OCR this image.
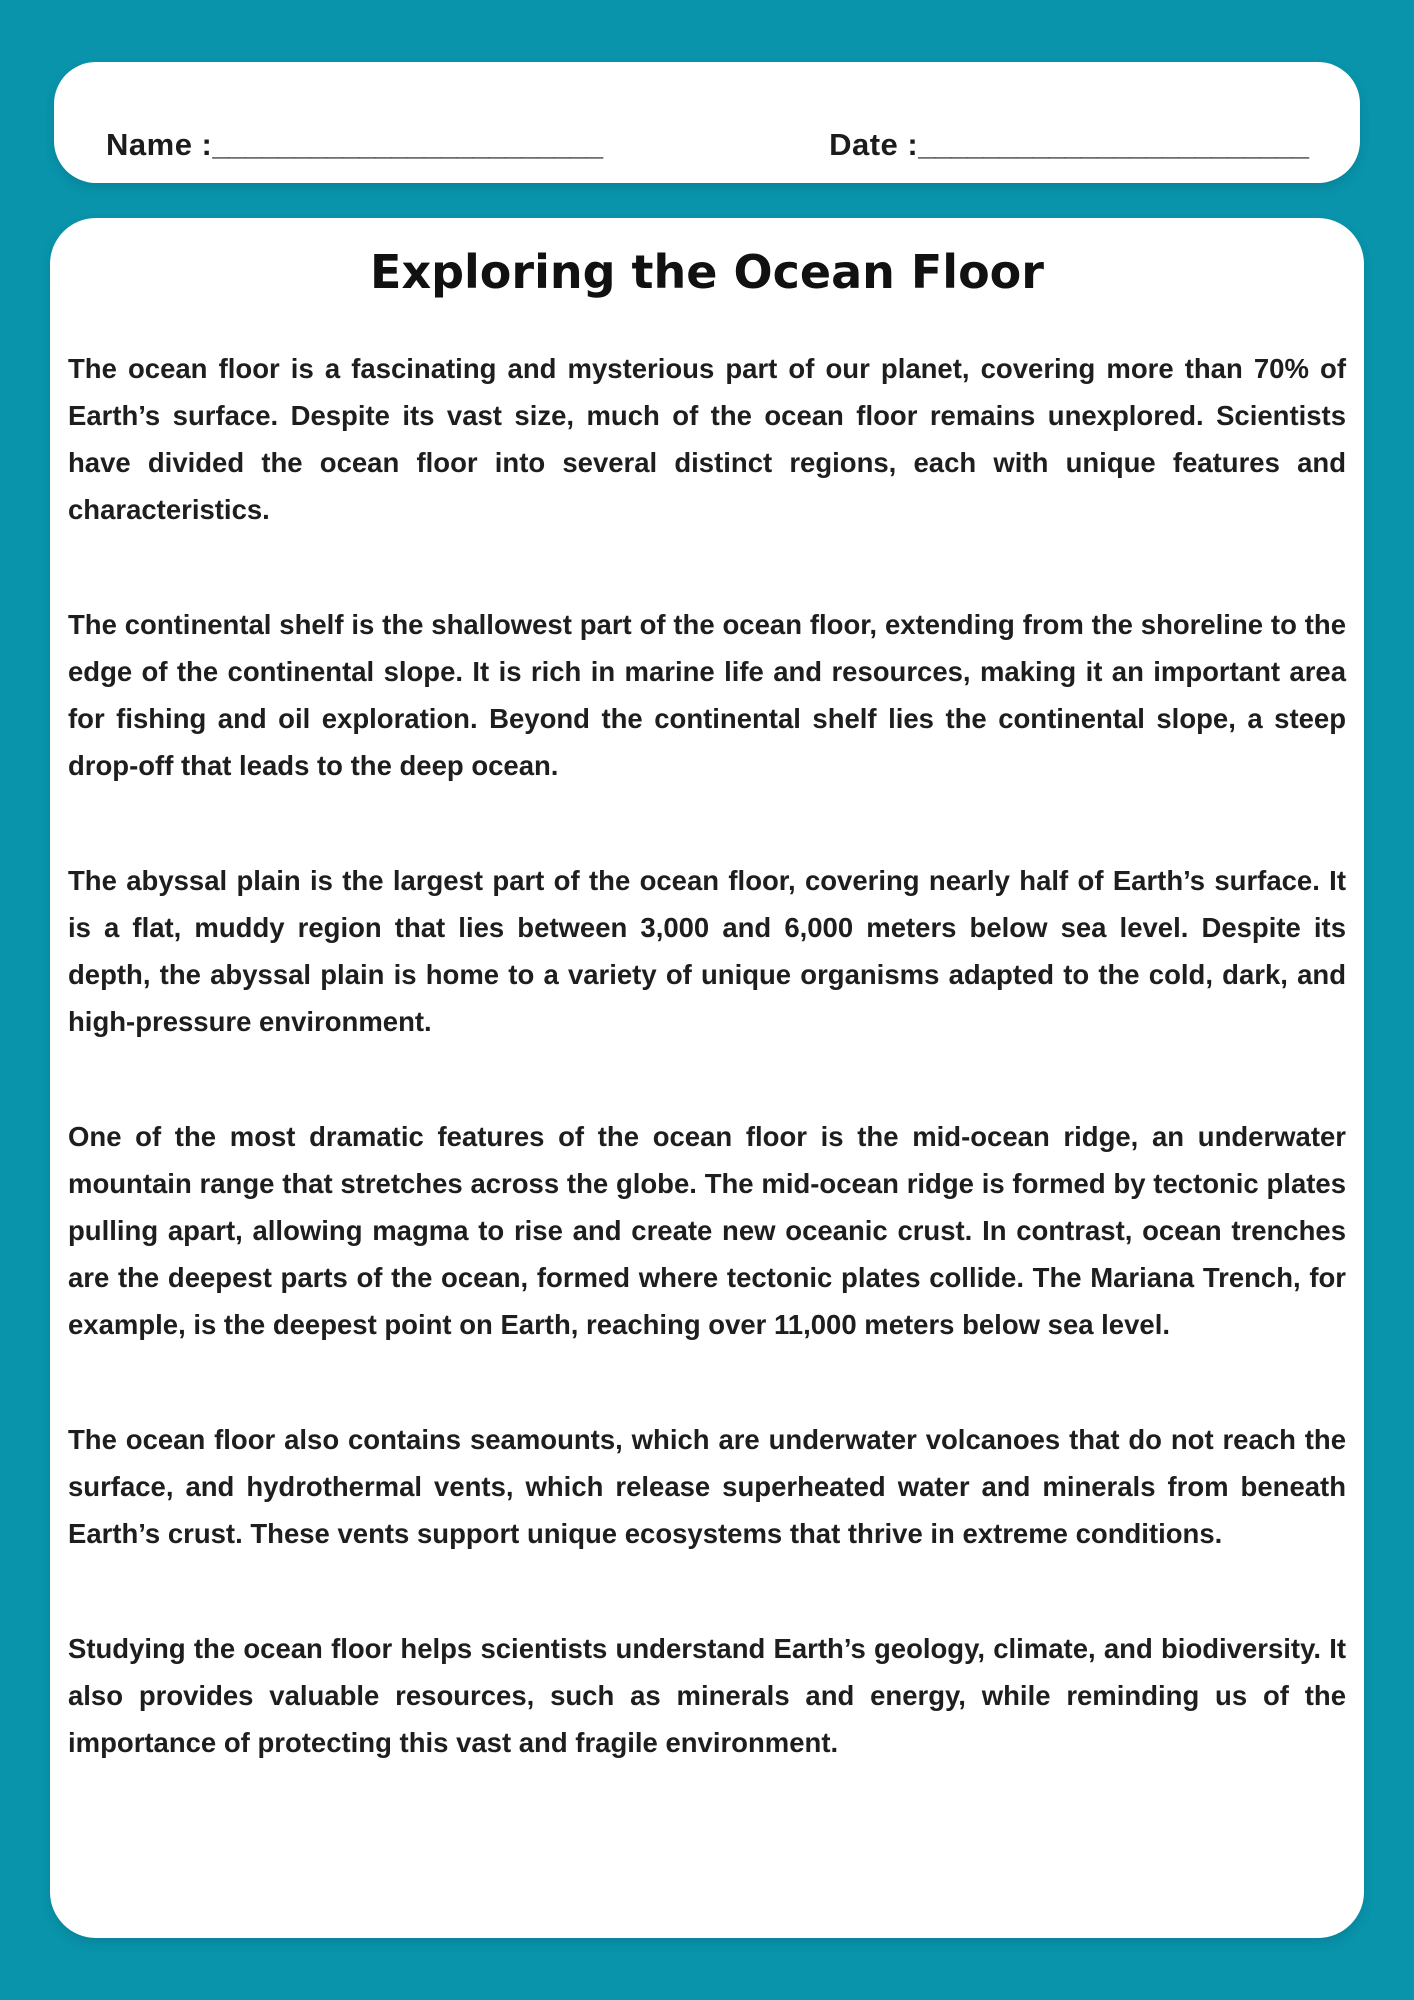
Name :________________________	Date :________________________
Exploring the Ocean Floor

The ocean floor is a fascinating and mysterious part of our planet, covering more than 70% of Earth’s surface. Despite its vast size, much of the ocean floor remains unexplored. Scientists have divided the ocean floor into several distinct regions, each with unique features and characteristics.

The continental shelf is the shallowest part of the ocean floor, extending from the shoreline to the edge of the continental slope. It is rich in marine life and resources, making it an important area for fishing and oil exploration. Beyond the continental shelf lies the continental slope, a steep drop-off that leads to the deep ocean.

The abyssal plain is the largest part of the ocean floor, covering nearly half of Earth’s surface. It is a flat, muddy region that lies between 3,000 and 6,000 meters below sea level. Despite its depth, the abyssal plain is home to a variety of unique organisms adapted to the cold, dark, and high-pressure environment.

One of the most dramatic features of the ocean floor is the mid-ocean ridge, an underwater mountain range that stretches across the globe. The mid-ocean ridge is formed by tectonic plates pulling apart, allowing magma to rise and create new oceanic crust. In contrast, ocean trenches are the deepest parts of the ocean, formed where tectonic plates collide. The Mariana Trench, for example, is the deepest point on Earth, reaching over 11,000 meters below sea level.

The ocean floor also contains seamounts, which are underwater volcanoes that do not reach the surface, and hydrothermal vents, which release superheated water and minerals from beneath Earth’s crust. These vents support unique ecosystems that thrive in extreme conditions.

Studying the ocean floor helps scientists understand Earth’s geology, climate, and biodiversity. It also provides valuable resources, such as minerals and energy, while reminding us of the importance of protecting this vast and fragile environment.
